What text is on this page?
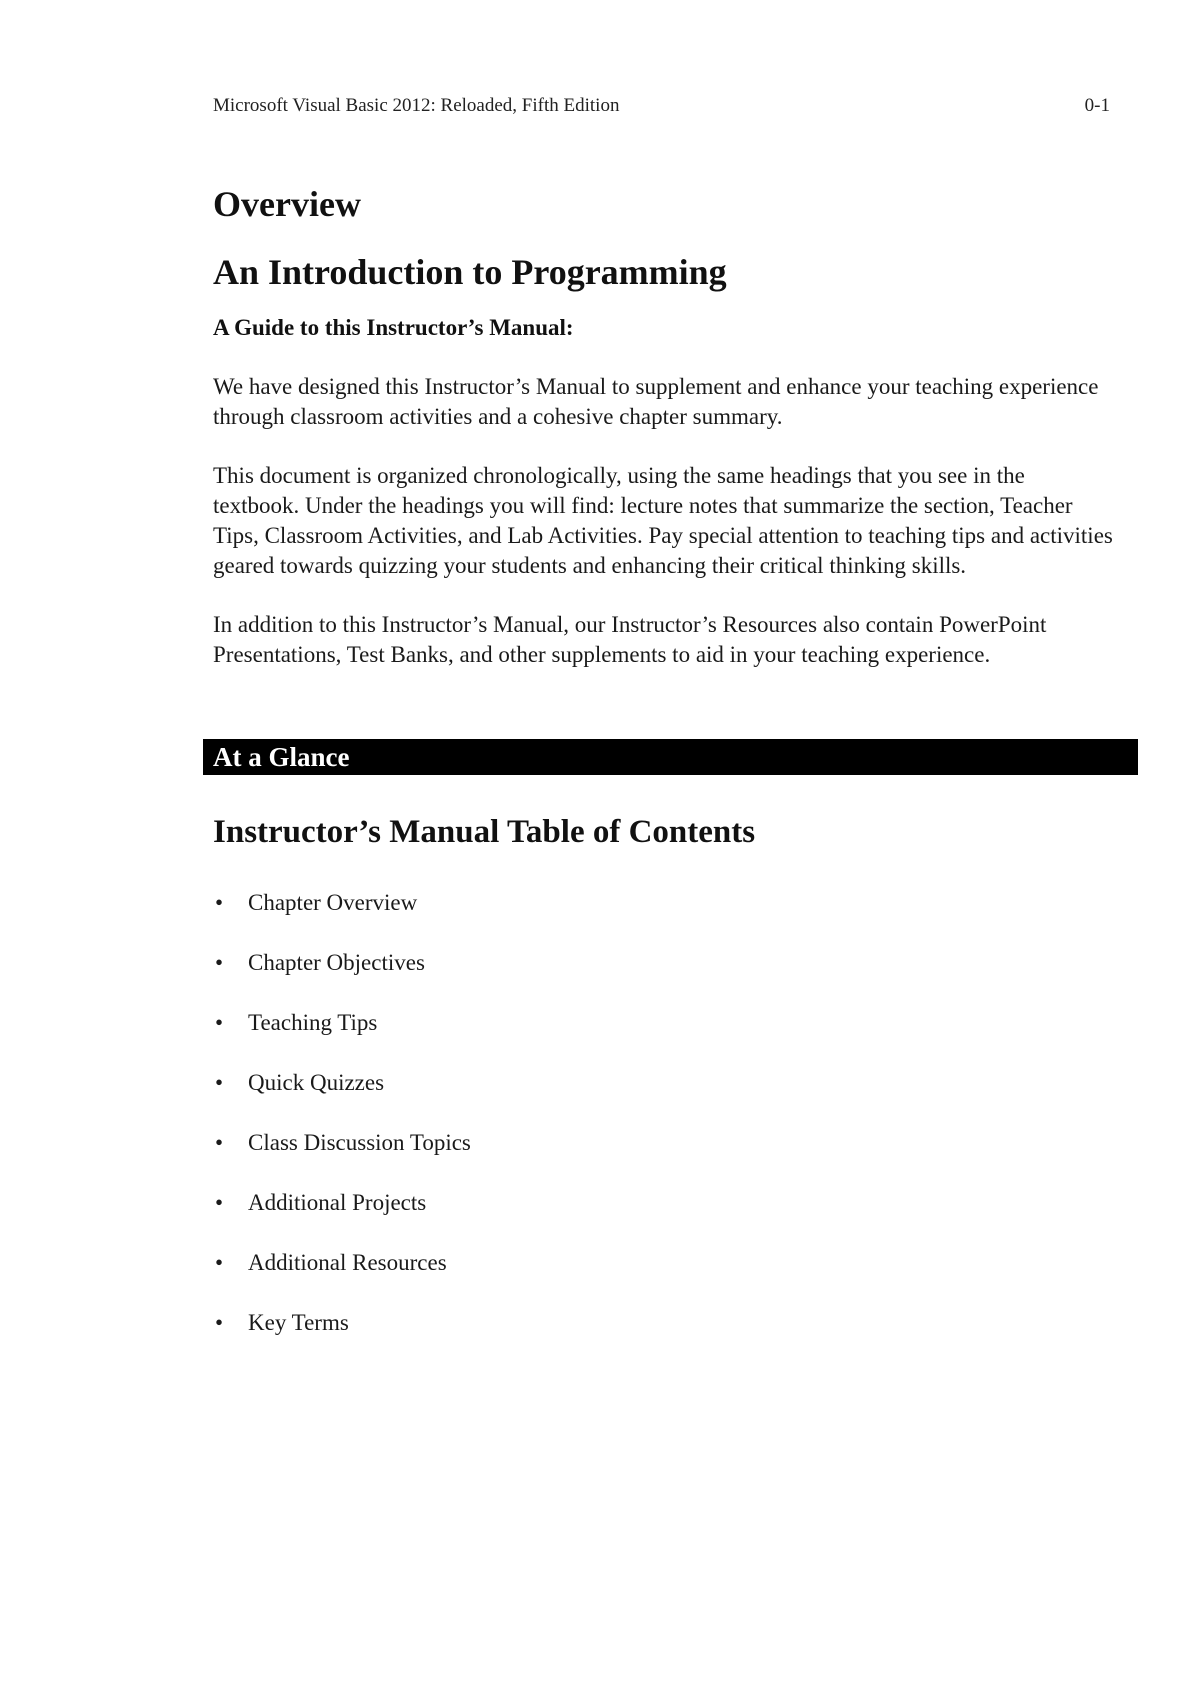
Microsoft Visual Basic 2012: Reloaded, Fifth Edition	0-1
Overview
An Introduction to Programming
A Guide to this Instructor’s Manual:

We have designed this Instructor’s Manual to supplement and enhance your teaching experience through classroom activities and a cohesive chapter summary.

This document is organized chronologically, using the same headings that you see in the textbook. Under the headings you will find: lecture notes that summarize the section, Teacher Tips, Classroom Activities, and Lab Activities. Pay special attention to teaching tips and activities geared towards quizzing your students and enhancing their critical thinking skills.

In addition to this Instructor’s Manual, our Instructor’s Resources also contain PowerPoint Presentations, Test Banks, and other supplements to aid in your teaching experience.

At a Glance
Instructor’s Manual Table of Contents
• Chapter Overview
• Chapter Objectives
• Teaching Tips
• Quick Quizzes
• Class Discussion Topics
• Additional Projects
• Additional Resources
• Key Terms
